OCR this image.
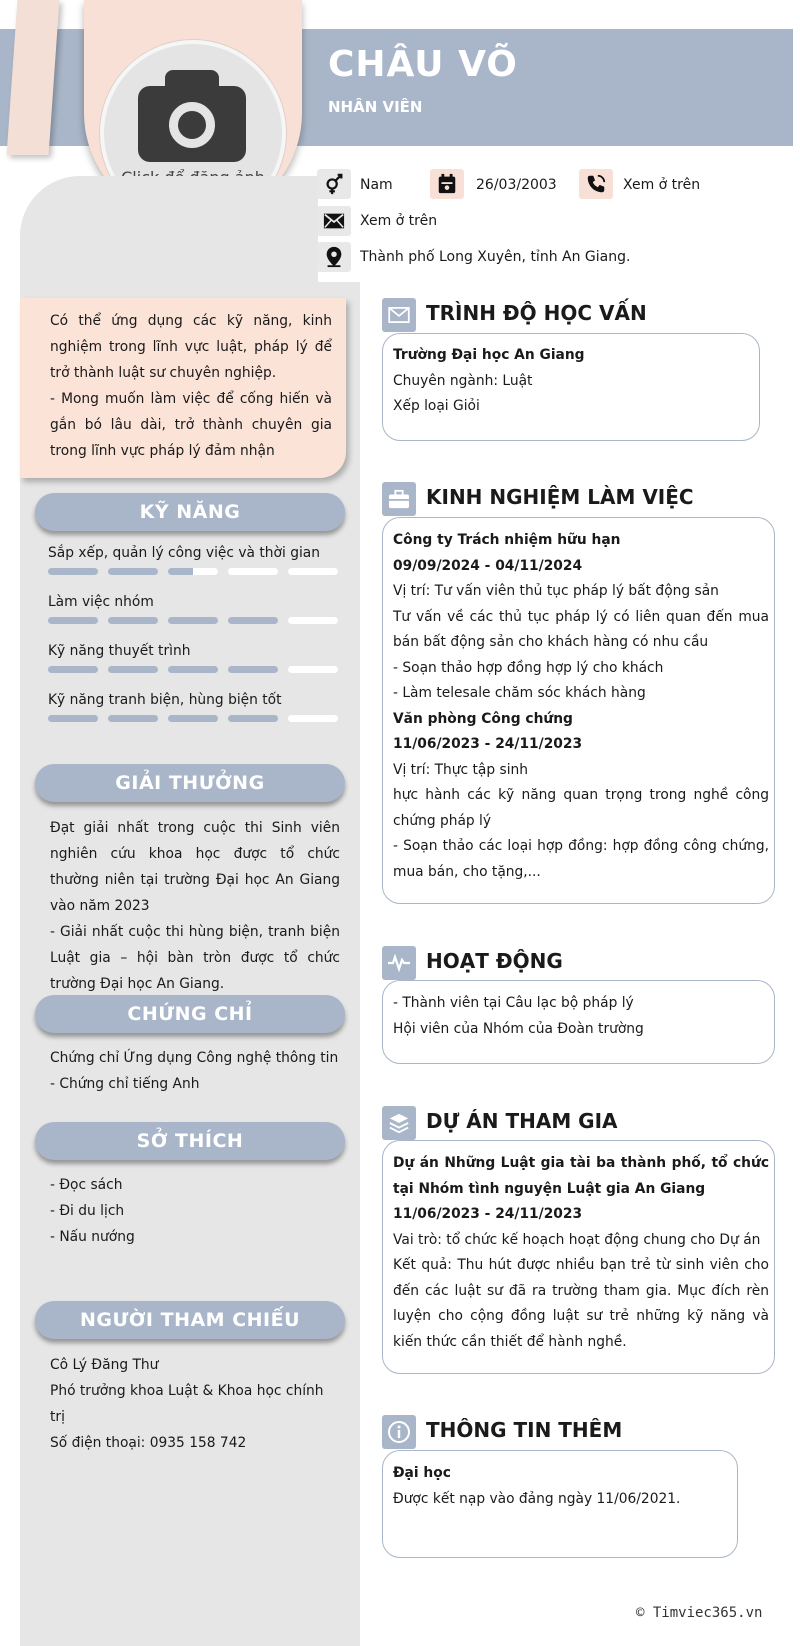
CHÂU VÕ
NHÂN VIÊN
Nam	26/03/2003	Xem ở trên
Xem ở trên
Thành phố Long Xuyên, tỉnh An Giang.
Có thể ứng dụng các kỹ năng, kinh nghiệm trong lĩnh vực luật, pháp lý để trở thành luật sư chuyên nghiệp.
- Mong muốn làm việc để cống hiến và gắn bó lâu dài, trở thành chuyên gia trong lĩnh vực pháp lý đảm nhận
KỸ NĂNG
Sắp xếp, quản lý công việc và thời gian
Làm việc nhóm
Kỹ năng thuyết trình
Kỹ năng tranh biện, hùng biện tốt
GIẢI THƯỞNG
Đạt giải nhất trong cuộc thi Sinh viên nghiên cứu khoa học được tổ chức thường niên tại trường Đại học An Giang vào năm 2023
- Giải nhất cuộc thi hùng biện, tranh biện Luật gia – hội bàn tròn được tổ chức trường Đại học An Giang.
CHỨNG CHỈ
Chứng chỉ Ứng dụng Công nghệ thông tin
- Chứng chỉ tiếng Anh
SỞ THÍCH
- Đọc sách
- Đi du lịch
- Nấu nướng
NGƯỜI THAM CHIẾU
Cô Lý Đăng Thư
Phó trưởng khoa Luật & Khoa học chính trị
Số điện thoại: 0935 158 742
TRÌNH ĐỘ HỌC VẤN
Trường Đại học An Giang
Chuyên ngành: Luật
Xếp loại Giỏi
KINH NGHIỆM LÀM VIỆC
Công ty Trách nhiệm hữu hạn
09/09/2024 - 04/11/2024
Vị trí: Tư vấn viên thủ tục pháp lý bất động sản
Tư vấn về các thủ tục pháp lý có liên quan đến mua bán bất động sản cho khách hàng có nhu cầu
- Soạn thảo hợp đồng hợp lý cho khách
- Làm telesale chăm sóc khách hàng
Văn phòng Công chứng
11/06/2023 - 24/11/2023
Vị trí: Thực tập sinh
hực hành các kỹ năng quan trọng trong nghề công chứng pháp lý
- Soạn thảo các loại hợp đồng: hợp đồng công chứng, mua bán, cho tặng,...
HOẠT ĐỘNG
- Thành viên tại Câu lạc bộ pháp lý
Hội viên của Nhóm của Đoàn trường
DỰ ÁN THAM GIA
Dự án Những Luật gia tài ba thành phố, tổ chức tại Nhóm tình nguyện Luật gia An Giang
11/06/2023 - 24/11/2023
Vai trò: tổ chức kế hoạch hoạt động chung cho Dự án
Kết quả: Thu hút được nhiều bạn trẻ từ sinh viên cho đến các luật sư đã ra trường tham gia. Mục đích rèn luyện cho cộng đồng luật sư trẻ những kỹ năng và kiến thức cần thiết để hành nghề.
THÔNG TIN THÊM
Đại học
Được kết nạp vào đảng ngày 11/06/2021.
© Timviec365.vn
